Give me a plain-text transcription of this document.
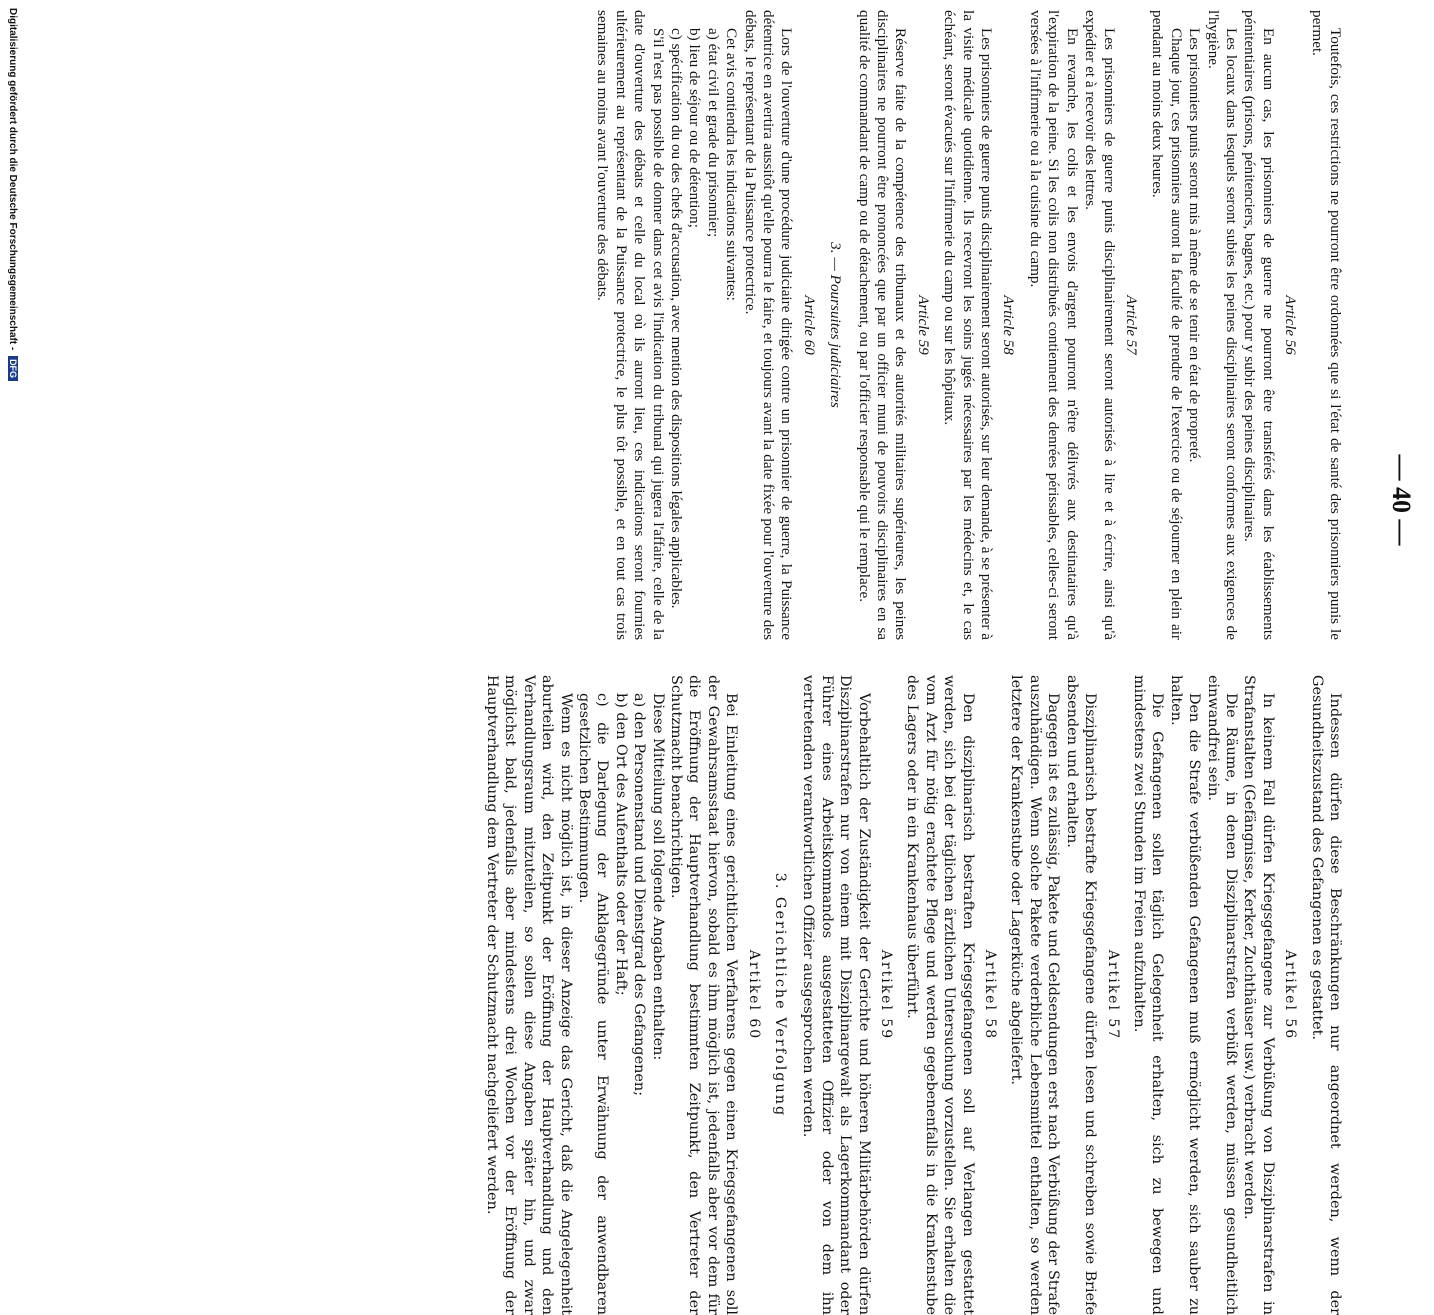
— 40 —

Toutefois, ces restrictions ne pourront être ordonnées que si l'état de santé des prisonniers punis le permet.

Article 56

En aucun cas, les prisonniers de guerre ne pourront être transférés dans les établissements pénitentiaires (prisons, pénitenciers, bagnes, etc.) pour y subir des peines disciplinaires.

Les locaux dans lesquels seront subies les peines disciplinaires seront conformes aux exigences de l'hygiène.

Les prisonniers punis seront mis à même de se tenir en état de propreté.

Chaque jour, ces prisonniers auront la faculté de prendre de l'exercice ou de séjourner en plein air pendant au moins deux heures.

Article 57

Les prisonniers de guerre punis disciplinairement seront autorisés à lire et à écrire, ainsi qu'à expédier et à recevoir des lettres.

En revanche, les colis et les envois d'argent pourront n'être délivrés aux destinataires qu'à l'expiration de la peine. Si les colis non distribués contiennent des denrées périssables, celles-ci seront versées à l'infirmerie ou à la cuisine du camp.

Article 58

Les prisonniers de guerre punis disciplinairement seront autorisés, sur leur demande, à se présenter à la visite médicale quotidienne. Ils recevront les soins jugés nécessaires par les médecins et, le cas échéant, seront évacués sur l'infirmerie du camp ou sur les hôpitaux.

Article 59

Réserve faite de la compétence des tribunaux et des autorités militaires supérieures, les peines disciplinaires ne pourront être prononcées que par un officier muni de pouvoirs disciplinaires en sa qualité de commandant de camp ou de détachement, ou par l'officier responsable qui le remplace.

3. — Poursuites judiciaires
Article 60

Lors de l'ouverture d'une procédure judiciaire dirigée contre un prisonnier de guerre, la Puissance détentrice en avertira aussitôt qu'elle pourra le faire, et toujours avant la date fixée pour l'ouverture des débats, le représentant de la Puissance protectrice.

Cet avis contiendra les indications suivantes:

a) état civil et grade du prisonnier;
b) lieu de séjour ou de détention;
c) spécification du ou des chefs d'accusation, avec mention des dispositions légales applicables.

S'il n'est pas possible de donner dans cet avis l'indication du tribunal qui jugera l'affaire, celle de la date d'ouverture des débats et celle du local où ils auront lieu, ces indications seront fournies ultérieurement au représentant de la Puissance protectrice, le plus tôt possible, et en tout cas trois semaines au moins avant l'ouverture des débats.

Indessen dürfen diese Beschränkungen nur angeordnet werden, wenn der Gesundheitszustand des Gefangenen es gestattet.

Artikel 56

In keinem Fall dürfen Kriegsgefangene zur Verbüßung von Disziplinarstrafen in Strafanstalten (Gefängnisse, Kerker, Zuchthäuser usw.) verbracht werden.

Die Räume, in denen Disziplinarstrafen verbüßt werden, müssen gesundheitlich einwandfrei sein.

Den die Strafe verbüßenden Gefangenen muß ermöglicht werden, sich sauber zu halten.

Die Gefangenen sollen täglich Gelegenheit erhalten, sich zu bewegen und mindestens zwei Stunden im Freien aufzuhalten.

Artikel 57

Disziplinarisch bestrafte Kriegsgefangene dürfen lesen und schreiben sowie Briefe absenden und erhalten.

Dagegen ist es zulässig, Pakete und Geldsendungen erst nach Verbüßung der Strafe auszuhändigen. Wenn solche Pakete verderbliche Lebensmittel enthalten, so werden letztere der Krankenstube oder Lagerküche abgeliefert.

Artikel 58

Den disziplinarisch bestraften Kriegsgefangenen soll auf Verlangen gestattet werden, sich bei der täglichen ärztlichen Untersuchung vorzustellen. Sie erhalten die vom Arzt für nötig erachtete Pflege und werden gegebenenfalls in die Krankenstube des Lagers oder in ein Krankenhaus überführt.

Artikel 59

Vorbehaltlich der Zuständigkeit der Gerichte und höheren Militärbehörden dürfen Disziplinarstrafen nur von einem mit Disziplinargewalt als Lagerkommandant oder Führer eines Arbeitskommandos ausgestatteten Offizier oder von dem ihn vertretenden verantwortlichen Offizier ausgesprochen werden.

3. Gerichtliche Verfolgung
Artikel 60

Bei Einleitung eines gerichtlichen Verfahrens gegen einen Kriegsgefangenen soll der Gewahrsamsstaat hiervon, sobald es ihm möglich ist, jedenfalls aber vor dem für die Eröffnung der Hauptverhandlung bestimmten Zeitpunkt, den Vertreter der Schutzmacht benachrichtigen.

Diese Mitteilung soll folgende Angaben enthalten:

a) den Personenstand und Dienstgrad des Gefangenen;
b) den Ort des Aufenthalts oder der Haft;
c) die Darlegung der Anklagegründe unter Erwähnung der anwendbaren gesetzlichen Bestimmungen.

Wenn es nicht möglich ist, in dieser Anzeige das Gericht, daß die Angelegenheit aburteilen wird, den Zeitpunkt der Eröffnung der Hauptverhandlung und den Verhandlungsraum mitzuteilen, so sollen diese Angaben später hin, und zwar möglichst bald, jedenfalls aber mindestens drei Wochen vor der Eröffnung der Hauptverhandlung dem Vertreter der Schutzmacht nachgeliefert werden.

Digitalisierung gefördert durch die Deutsche Forschungsgemeinschaft - DFG
